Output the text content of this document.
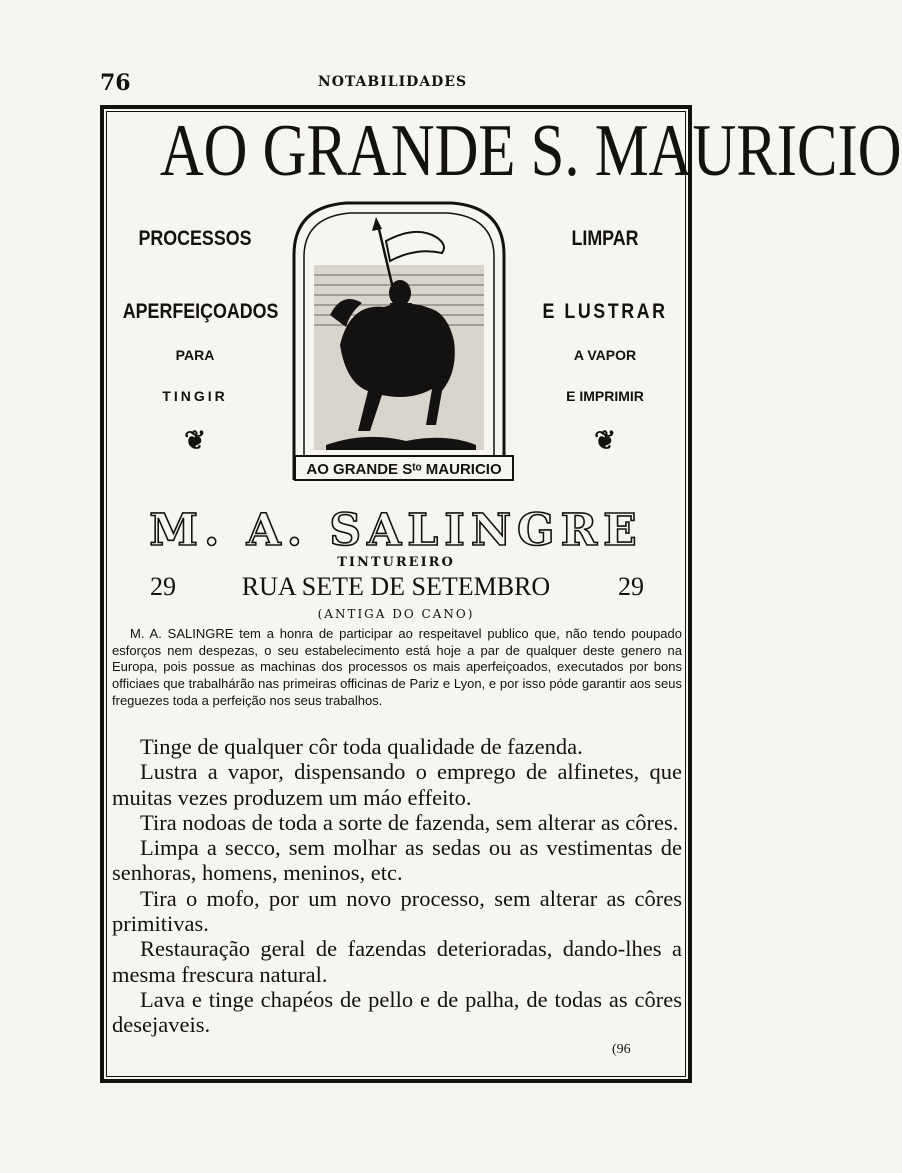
76	NOTABILIDADES
AO GRANDE S. MAURICIO
PROCESSOS
APERFEIÇOADOS
PARA
TINGIR
❦
LIMPAR
E LUSTRAR
A VAPOR
E IMPRIMIR
❦
AO GRANDE Sᵗᵒ MAURICIO
M. A. SALINGRE
TINTUREIRO
29	RUA SETE DE SETEMBRO	29
(ANTIGA DO CANO)

M. A. SALINGRE tem a honra de participar ao respeitavel publico que, não tendo poupado esforços nem despezas, o seu estabelecimento está hoje a par de qualquer deste genero na Europa, pois possue as machinas dos processos os mais aperfeiçoados, executados por bons officiaes que trabalhárão nas primeiras officinas de Pariz e Lyon, e por isso póde garantir aos seus freguezes toda a perfeição nos seus trabalhos.

Tinge de qualquer côr toda qualidade de fazenda.

Lustra a vapor, dispensando o emprego de alfinetes, que muitas vezes produzem um máo effeito.

Tira nodoas de toda a sorte de fazenda, sem alterar as côres.

Limpa a secco, sem molhar as sedas ou as vestimentas de senhoras, homens, meninos, etc.

Tira o mofo, por um novo processo, sem alterar as côres primitivas.

Restauração geral de fazendas deterioradas, dando-lhes a mesma frescura natural.

Lava e tinge chapéos de pello e de palha, de todas as côres desejaveis.

(96
